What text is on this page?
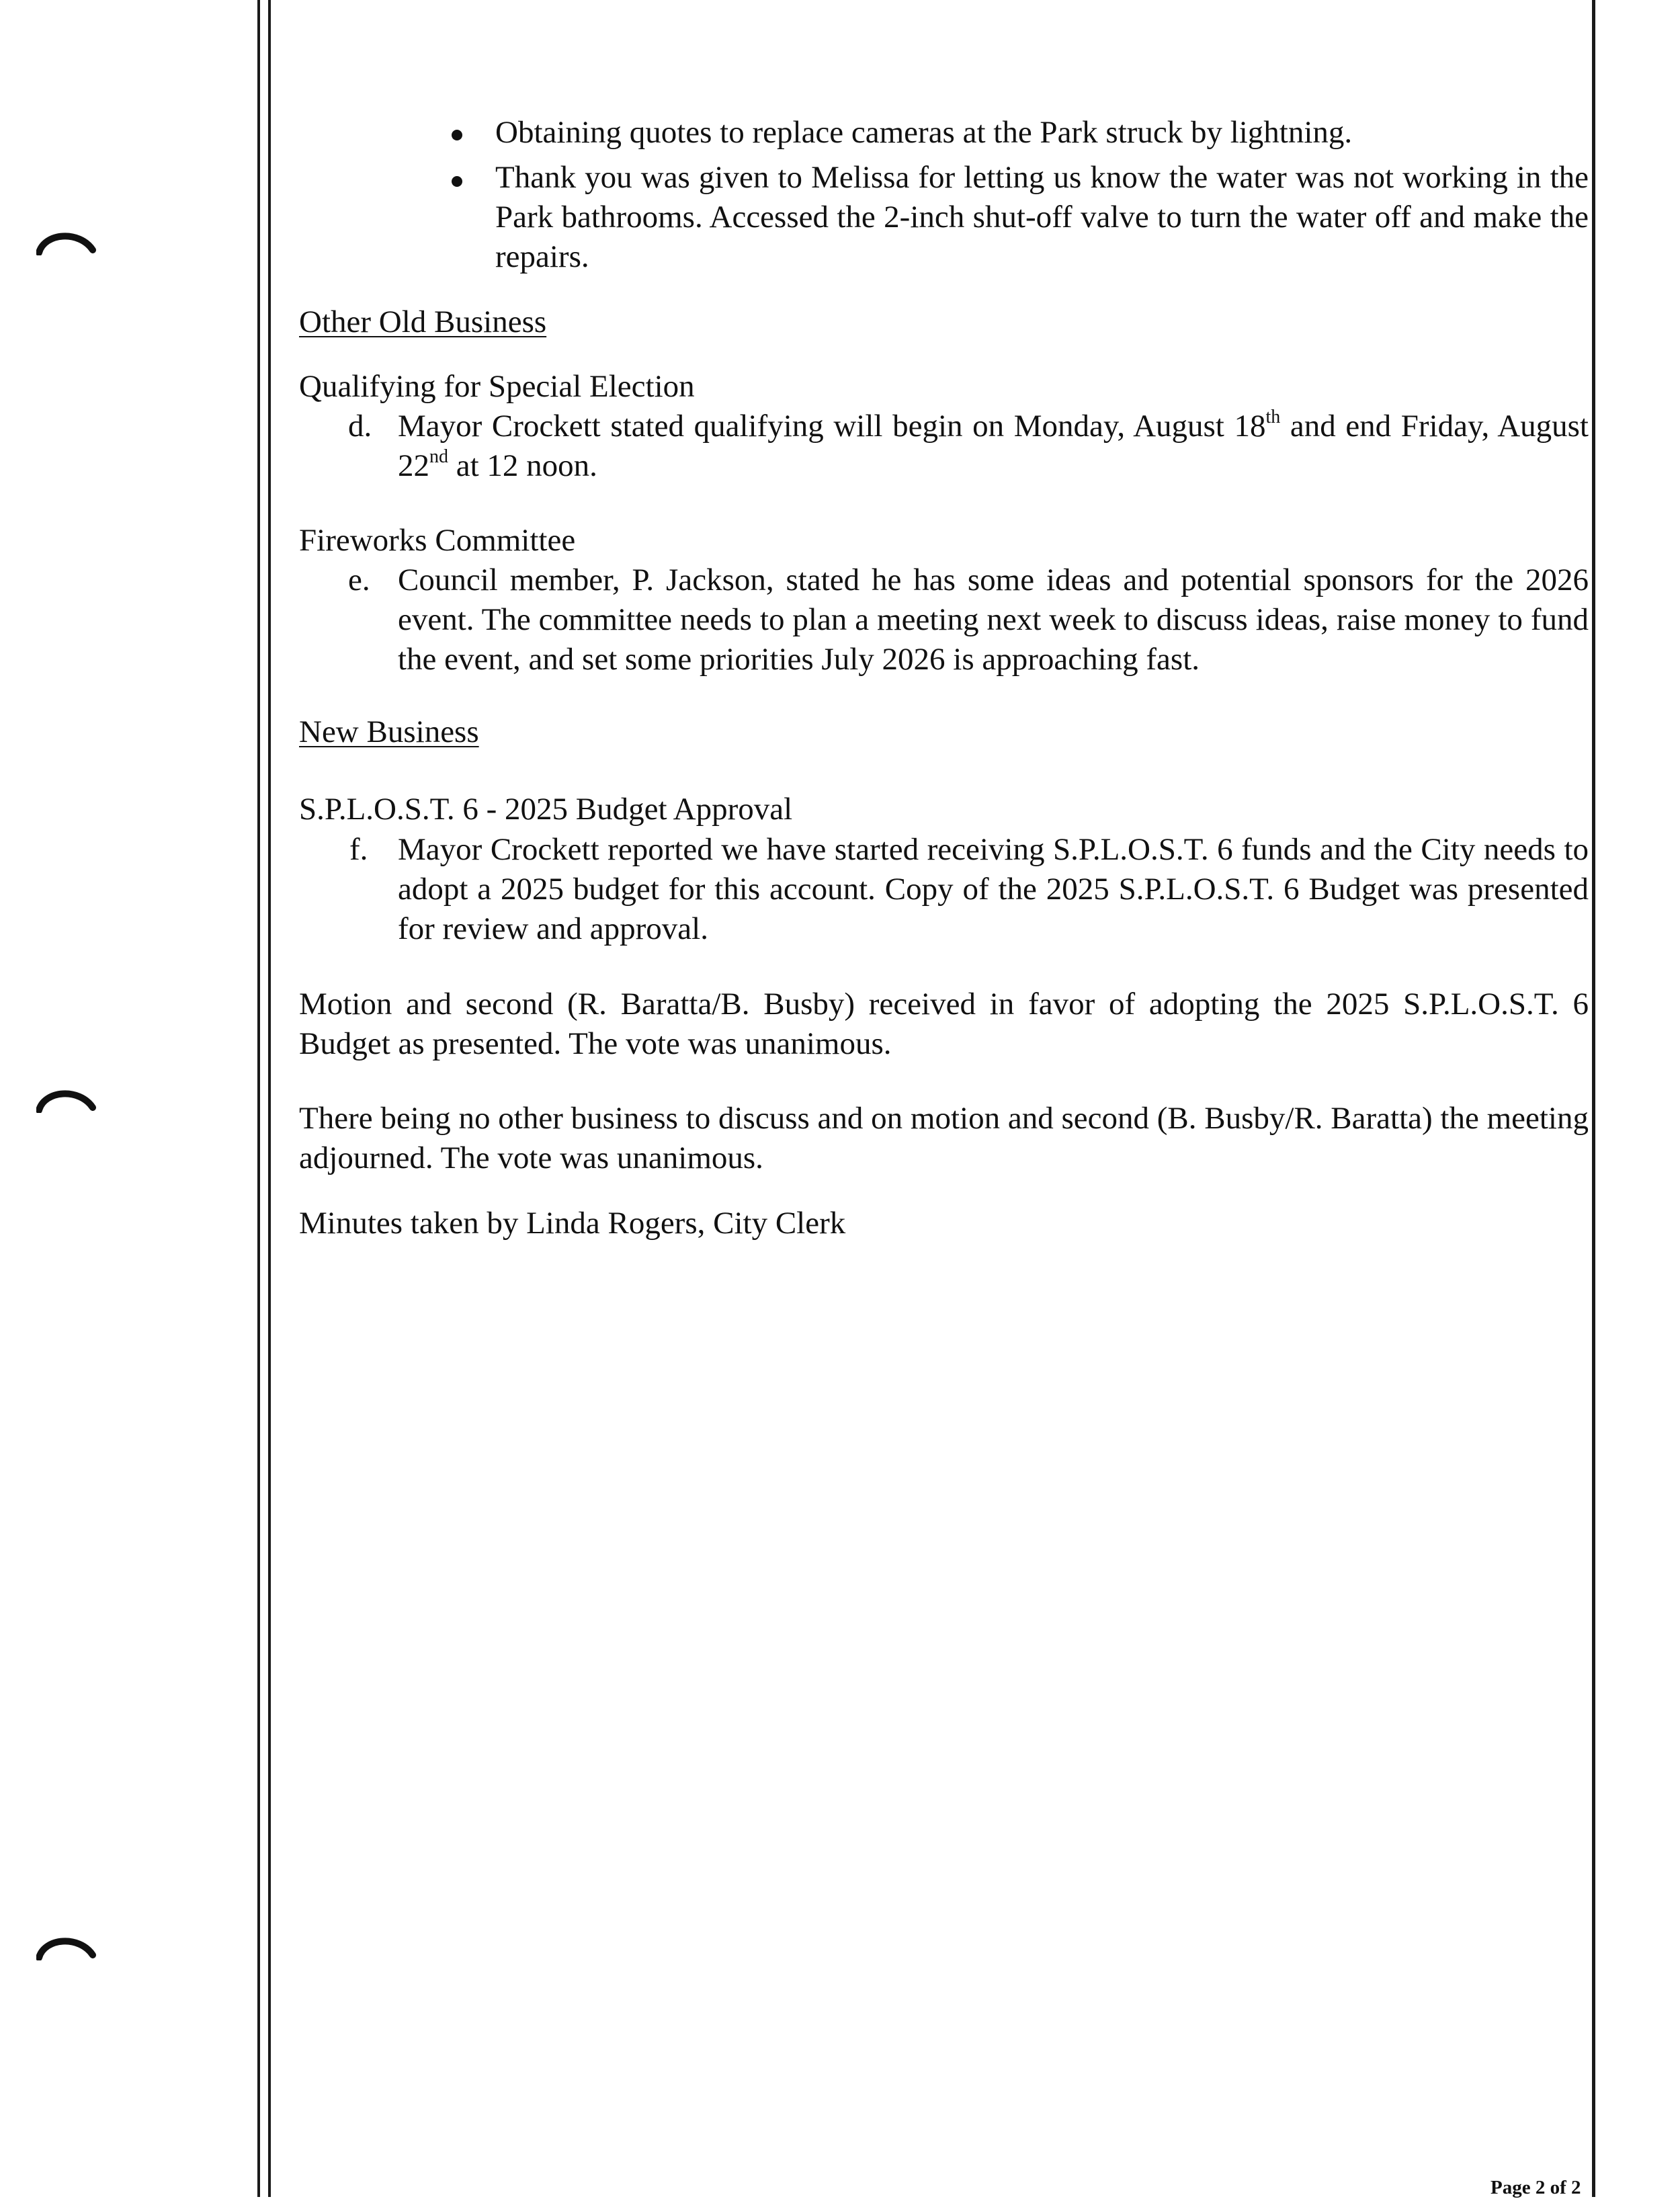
Obtaining quotes to replace cameras at the Park struck by lightning.
Thank you was given to Melissa for letting us know the water was not working in the Park bathrooms. Accessed the 2-inch shut-off valve to turn the water off and make the repairs.
Other Old Business
Qualifying for Special Election
d. Mayor Crockett stated qualifying will begin on Monday, August 18th and end Friday, August 22nd at 12 noon.
Fireworks Committee
e. Council member, P. Jackson, stated he has some ideas and potential sponsors for the 2026 event. The committee needs to plan a meeting next week to discuss ideas, raise money to fund the event, and set some priorities July 2026 is approaching fast.
New Business
S.P.L.O.S.T. 6 - 2025 Budget Approval
f. Mayor Crockett reported we have started receiving S.P.L.O.S.T. 6 funds and the City needs to adopt a 2025 budget for this account. Copy of the 2025 S.P.L.O.S.T. 6 Budget was presented for review and approval.
Motion and second (R. Baratta/B. Busby) received in favor of adopting the 2025 S.P.L.O.S.T. 6 Budget as presented. The vote was unanimous.
There being no other business to discuss and on motion and second (B. Busby/R. Baratta) the meeting adjourned. The vote was unanimous.
Minutes taken by Linda Rogers, City Clerk
Page 2 of 2
